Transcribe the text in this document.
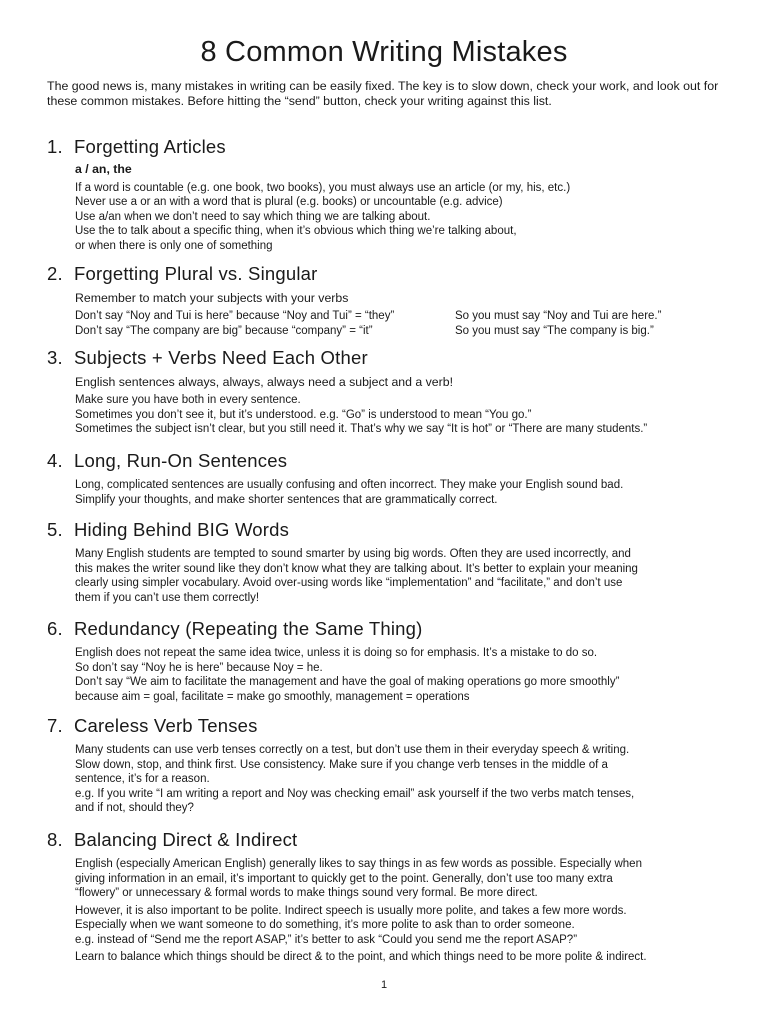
8 Common Writing Mistakes

The good news is, many mistakes in writing can be easily fixed. The key is to slow down, check your work, and look out for these common mistakes. Before hitting the “send” button, check your writing against this list.

1. Forgetting Articles

a / an, the

If a word is countable (e.g. one book, two books), you must always use an article (or my, his, etc.)

Never use a or an with a word that is plural (e.g. books) or uncountable (e.g. advice)

Use a/an when we don’t need to say which thing we are talking about.

Use the to talk about a specific thing, when it’s obvious which thing we’re talking about,

or when there is only one of something

2. Forgetting Plural vs. Singular

Remember to match your subjects with your verbs

Don’t say “Noy and Tui is here” because “Noy and Tui” = “they”	So you must say “Noy and Tui are here.”
Don’t say “The company are big” because “company” = “it”	So you must say “The company is big.”
3. Subjects + Verbs Need Each Other

English sentences always, always, always need a subject and a verb!

Make sure you have both in every sentence.

Sometimes you don’t see it, but it’s understood. e.g. “Go” is understood to mean “You go.”

Sometimes the subject isn’t clear, but you still need it. That’s why we say “It is hot” or “There are many students.”

4. Long, Run-On Sentences

Long, complicated sentences are usually confusing and often incorrect. They make your English sound bad.

Simplify your thoughts, and make shorter sentences that are grammatically correct.

5. Hiding Behind BIG Words

Many English students are tempted to sound smarter by using big words. Often they are used incorrectly, and

this makes the writer sound like they don’t know what they are talking about. It’s better to explain your meaning

clearly using simpler vocabulary. Avoid over-using words like “implementation” and “facilitate,” and don’t use

them if you can’t use them correctly!

6. Redundancy (Repeating the Same Thing)

English does not repeat the same idea twice, unless it is doing so for emphasis. It’s a mistake to do so.

So don’t say “Noy he is here” because Noy = he.

Don’t say “We aim to facilitate the management and have the goal of making operations go more smoothly”

because aim = goal, facilitate = make go smoothly, management = operations

7. Careless Verb Tenses

Many students can use verb tenses correctly on a test, but don’t use them in their everyday speech & writing.

Slow down, stop, and think first. Use consistency. Make sure if you change verb tenses in the middle of a

sentence, it’s for a reason.

e.g. If you write “I am writing a report and Noy was checking email” ask yourself if the two verbs match tenses,

and if not, should they?

8. Balancing Direct & Indirect

English (especially American English) generally likes to say things in as few words as possible. Especially when

giving information in an email, it’s important to quickly get to the point. Generally, don’t use too many extra

“flowery” or unnecessary & formal words to make things sound very formal. Be more direct.

However, it is also important to be polite. Indirect speech is usually more polite, and takes a few more words.

Especially when we want someone to do something, it’s more polite to ask than to order someone.

e.g. instead of “Send me the report ASAP,” it’s better to ask “Could you send me the report ASAP?”

Learn to balance which things should be direct & to the point, and which things need to be more polite & indirect.

1
